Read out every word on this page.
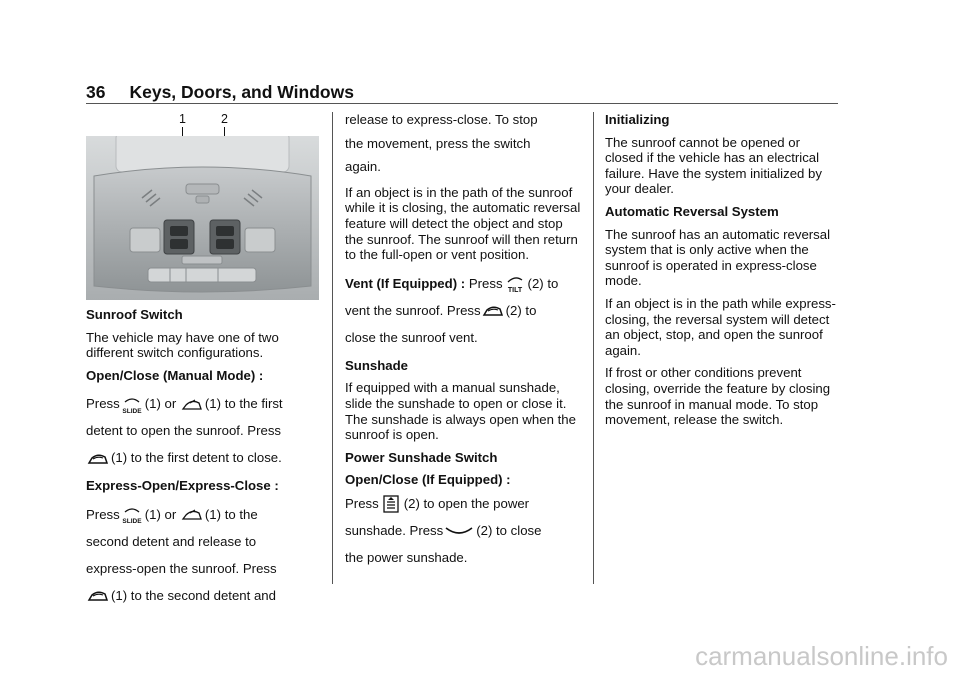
36 Keys, Doors, and Windows
1	2
Sunroof Switch

The vehicle may have one of two different switch configurations.

Open/Close (Manual Mode) :

Press
SLIDE
(1) or (1) to the first

detent to open the sunroof. Press

(1) to the first detent to close.

Express-Open/Express-Close :

Press
SLIDE
(1) or (1) to the

second detent and release to

express-open the sunroof. Press

(1) to the second detent and

release to express-close. To stop

the movement, press the switch

again.

If an object is in the path of the sunroof while it is closing, the automatic reversal feature will detect the object and stop the sunroof. The sunroof will then return to the full-open or vent position.

Vent (If Equipped) : Press
TILT
(2) to

vent the sunroof. Press (2) to

close the sunroof vent.

Sunshade

If equipped with a manual sunshade, slide the sunshade to open or close it. The sunshade is always open when the sunroof is open.

Power Sunshade Switch
Open/Close (If Equipped) :

Press (2) to open the power

sunshade. Press	(2) to close

the power sunshade.

Initializing

The sunroof cannot be opened or closed if the vehicle has an electrical failure. Have the system initialized by your dealer.

Automatic Reversal System

The sunroof has an automatic reversal system that is only active when the sunroof is operated in express-close mode.

If an object is in the path while express- closing, the reversal system will detect an object, stop, and open the sunroof again.

If frost or other conditions prevent closing, override the feature by closing the sunroof in manual mode. To stop movement, release the switch.

carmanualsonline.info
